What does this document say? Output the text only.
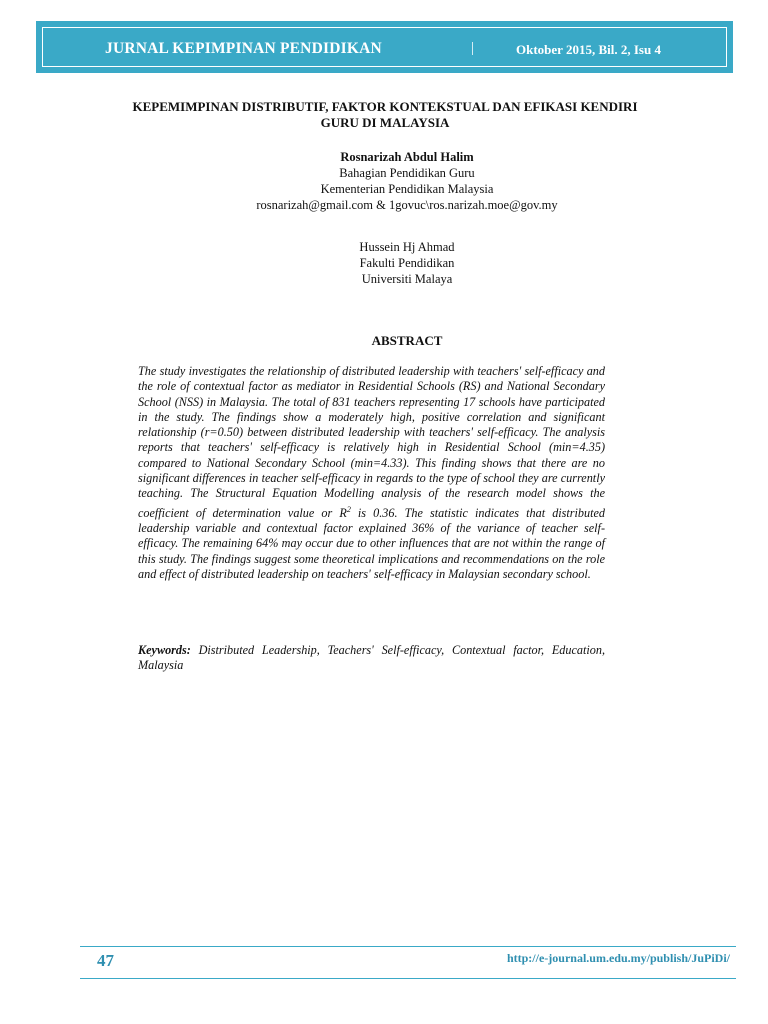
JURNAL KEPIMPINAN PENDIDIKAN	|	Oktober 2015, Bil. 2, Isu 4
KEPEMIMPINAN DISTRIBUTIF, FAKTOR KONTEKSTUAL DAN EFIKASI KENDIRI
GURU DI MALAYSIA
Rosnarizah Abdul Halim
Bahagian Pendidikan Guru
Kementerian Pendidikan Malaysia
rosnarizah@gmail.com & 1govuc\ros.narizah.moe@gov.my
Hussein Hj Ahmad
Fakulti Pendidikan
Universiti Malaya
ABSTRACT

The study investigates the relationship of distributed leadership with teachers' self-efficacy and the role of contextual factor as mediator in Residential Schools (RS) and National Secondary School (NSS) in Malaysia. The total of 831 teachers representing 17 schools have participated in the study. The findings show a moderately high, positive correlation and significant relationship (r=0.50) between distributed leadership with teachers' self-efficacy. The analysis reports that teachers' self-efficacy is relatively high in Residential School (min=4.35) compared to National Secondary School (min=4.33). This finding shows that there are no significant differences in teacher self-efficacy in regards to the type of school they are currently teaching. The Structural Equation Modelling analysis of the research model shows the coefficient of determination value or $R^2$ is 0.36. The statistic indicates that distributed leadership variable and contextual factor explained 36% of the variance of teacher self-efficacy. The remaining 64% may occur due to other influences that are not within the range of this study. The findings suggest some theoretical implications and recommendations on the role and effect of distributed leadership on teachers' self-efficacy in Malaysian secondary school.

Keywords: Distributed Leadership, Teachers' Self-efficacy, Contextual factor, Education, Malaysia

47	http://e-journal.um.edu.my/publish/JuPiDi/
